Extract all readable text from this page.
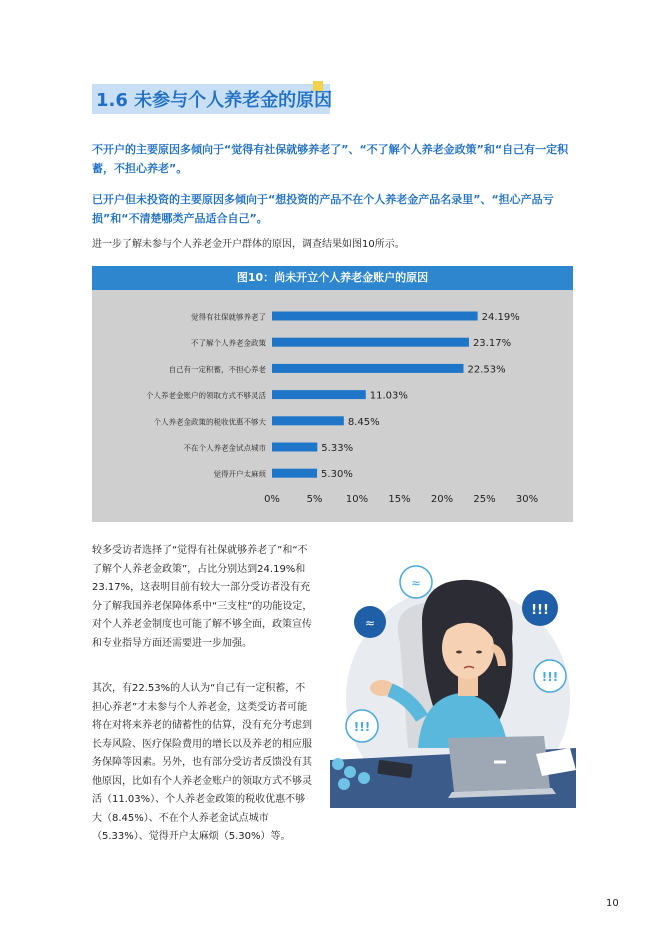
1.6 未参与个人养老金的原因
不开户的主要原因多倾向于“觉得有社保就够养老了”、“不了解个人养老金政策”和“自己有一定积蓄，不担心养老”。
已开户但未投资的主要原因多倾向于“想投资的产品不在个人养老金产品名录里”、“担心产品亏损”和“不清楚哪类产品适合自己”。
进一步了解未参与个人养老金开户群体的原因，调查结果如图10所示。
图10：尚未开立个人养老金账户的原因
觉得有社保就够养老了	24.19%
不了解个人养老金政策	23.17%
自己有一定积蓄，不担心养老	22.53%
个人养老金账户的领取方式不够灵活	11.03%
个人养老金政策的税收优惠不够大	8.45%
不在个人养老金试点城市	5.33%
觉得开户太麻烦	5.30%
0%	5% 10% 15% 20% 25% 30%
较多受访者选择了“觉得有社保就够养老了”和“不了解个人养老金政策”，占比分别达到24.19%和23.17%，这表明目前有较大一部分受访者没有充分了解我国养老保障体系中“三支柱”的功能设定，对个人养老金制度也可能了解不够全面，政策宣传和专业指导方面还需要进一步加强。
其次，有22.53%的人认为“自己有一定积蓄，不担心养老”才未参与个人养老金，这类受访者可能将在对将来养老的储蓄性的估算，没有充分考虑到长寿风险、医疗保险费用的增长以及养老的相应服务保障等因素。另外，也有部分受访者反馈没有其他原因，比如有个人养老金账户的领取方式不够灵活（11.03%）、个人养老金政策的税收优惠不够大（8.45%）、不在个人养老金试点城市（5.33%）、觉得开户太麻烦（5.30%）等。
≈
≈
!!!
!!!
!!!
10
